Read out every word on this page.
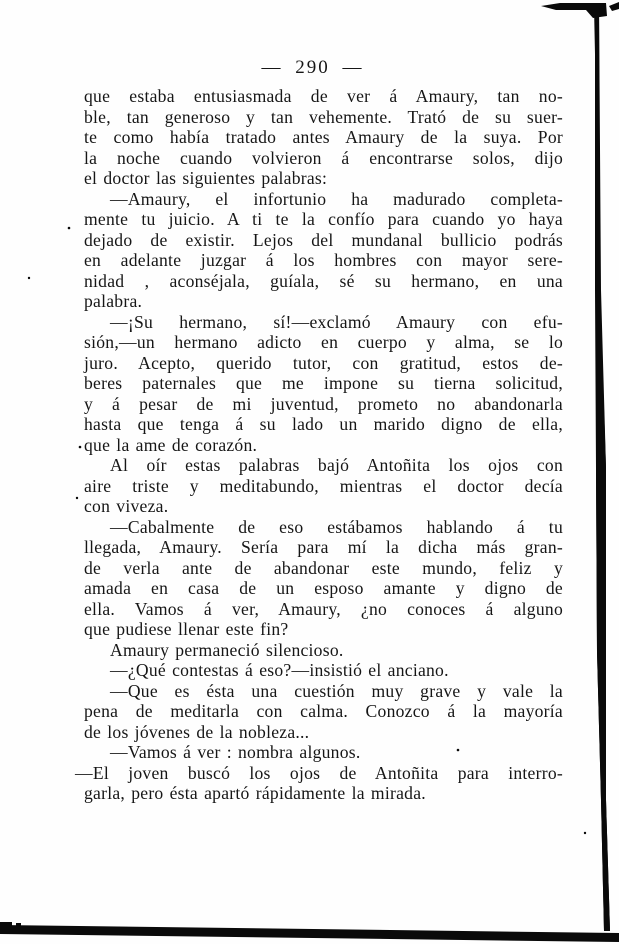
— 290 —
que estaba entusiasmada de ver á Amaury, tan no-
ble, tan generoso y tan vehemente. Trató de su suer-
te como había tratado antes Amaury de la suya. Por
la noche cuando volvieron á encontrarse solos, dijo
el doctor las siguientes palabras:
—Amaury, el infortunio ha madurado completa-
mente tu juicio. A ti te la confío para cuando yo haya
dejado de existir. Lejos del mundanal bullicio podrás
en adelante juzgar á los hombres con mayor sere-
nidad , aconséjala, guíala, sé su hermano, en una
palabra.
—¡Su hermano, sí!—exclamó Amaury con efu-
sión,—un hermano adicto en cuerpo y alma, se lo
juro. Acepto, querido tutor, con gratitud, estos de-
beres paternales que me impone su tierna solicitud,
y á pesar de mi juventud, prometo no abandonarla
hasta que tenga á su lado un marido digno de ella,
que la ame de corazón.
Al oír estas palabras bajó Antoñita los ojos con
aire triste y meditabundo, mientras el doctor decía
con viveza.
—Cabalmente de eso estábamos hablando á tu
llegada, Amaury. Sería para mí la dicha más gran-
de verla ante de abandonar este mundo, feliz y
amada en casa de un esposo amante y digno de
ella. Vamos á ver, Amaury, ¿no conoces á alguno
que pudiese llenar este fin?
Amaury permaneció silencioso.
—¿Qué contestas á eso?—insistió el anciano.
—Que es ésta una cuestión muy grave y vale la
pena de meditarla con calma. Conozco á la mayoría
de los jóvenes de la nobleza...
—Vamos á ver : nombra algunos.
—El joven buscó los ojos de Antoñita para interro-
garla, pero ésta apartó rápidamente la mirada.
